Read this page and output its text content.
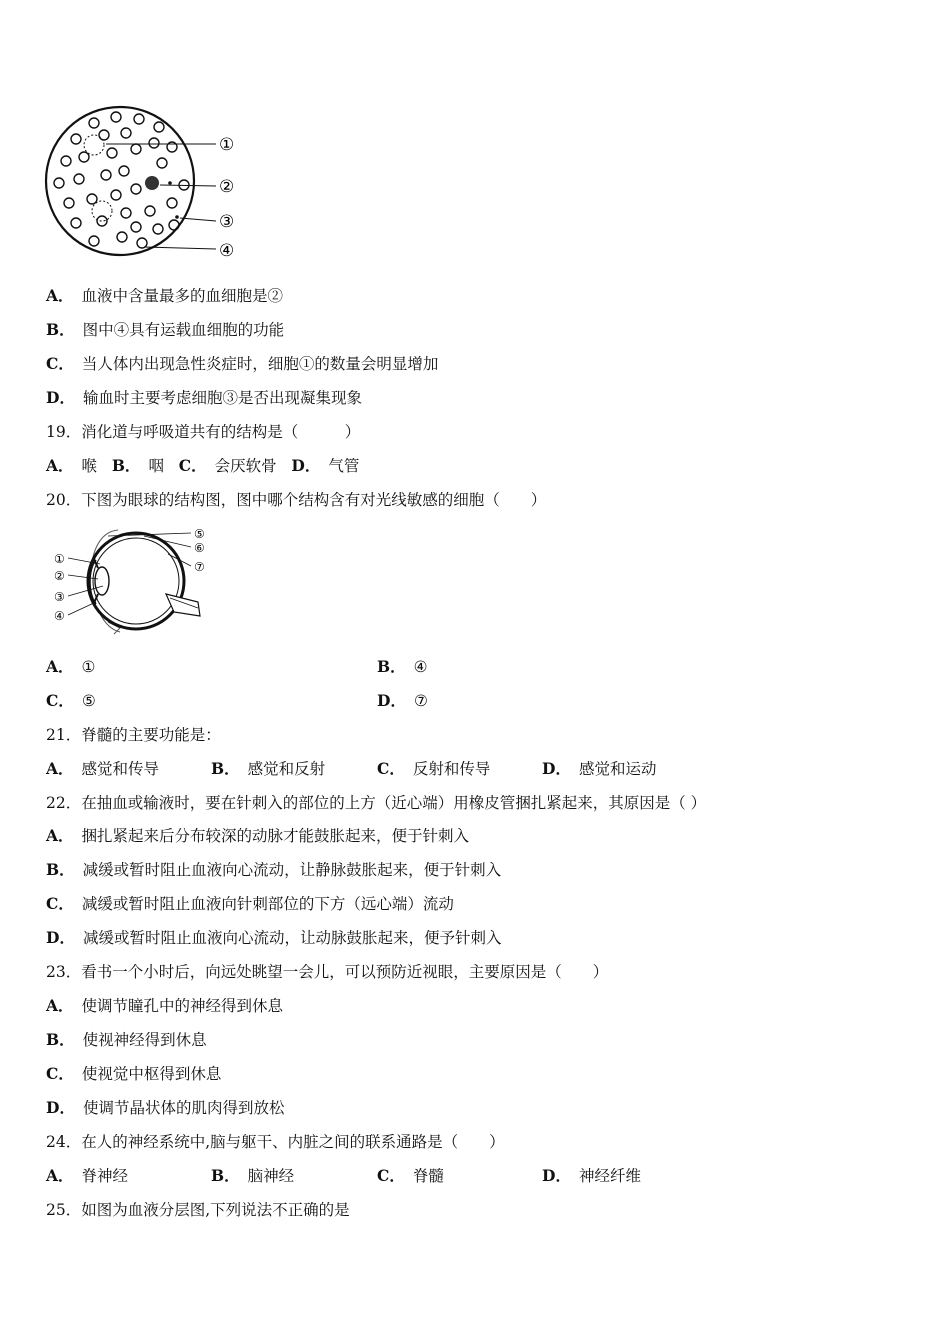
①
②
③
④
A． 血液中含量最多的血细胞是②
B． 图中④具有运载血细胞的功能
C． 当人体内出现急性炎症时，细胞①的数量会明显增加
D． 输血时主要考虑细胞③是否出现凝集现象
19．消化道与呼吸道共有的结构是（　　　）
A． 喉 B． 咽 C． 会厌软骨 D． 气管
20．下图为眼球的结构图，图中哪个结构含有对光线敏感的细胞（　　）
①
②
③
④
⑤
⑥
⑦
A． ①	B． ④
C． ⑤	D． ⑦
21．脊髓的主要功能是：
A． 感觉和传导	B． 感觉和反射	C． 反射和传导	D． 感觉和运动
22．在抽血或输液时，要在针刺入的部位的上方（近心端）用橡皮管捆扎紧起来，其原因是（ ）
A． 捆扎紧起来后分布较深的动脉才能鼓胀起来，便于针刺入
B． 减缓或暂时阻止血液向心流动，让静脉鼓胀起来，便于针刺入
C． 减缓或暂时阻止血液向针刺部位的下方（远心端）流动
D． 减缓或暂时阻止血液向心流动，让动脉鼓胀起来，便予针刺入
23．看书一个小时后，向远处眺望一会儿，可以预防近视眼，主要原因是（　　）
A． 使调节瞳孔中的神经得到休息
B． 使视神经得到休息
C． 使视觉中枢得到休息
D． 使调节晶状体的肌肉得到放松
24．在人的神经系统中,脑与躯干、内脏之间的联系通路是（　　）
A． 脊神经	B． 脑神经	C． 脊髓	D． 神经纤维
25．如图为血液分层图,下列说法不正确的是
